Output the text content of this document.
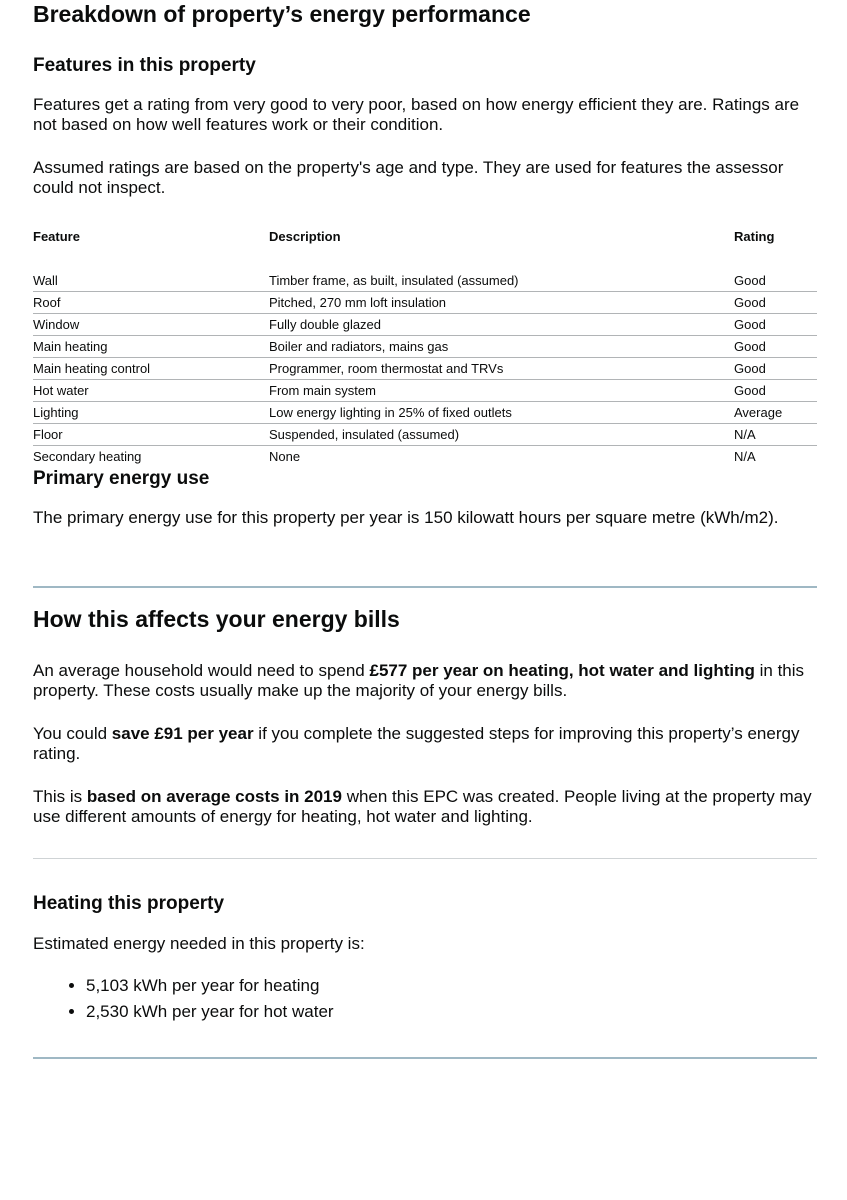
Breakdown of property’s energy performance
Features in this property

Features get a rating from very good to very poor, based on how energy efficient they are. Ratings are not based on how well features work or their condition.

Assumed ratings are based on the property's age and type. They are used for features the assessor could not inspect.

Feature	Description	Rating

Wall	Timber frame, as built, insulated (assumed)	Good
Roof	Pitched, 270 mm loft insulation	Good
Window	Fully double glazed	Good
Main heating	Boiler and radiators, mains gas	Good
Main heating control	Programmer, room thermostat and TRVs	Good
Hot water	From main system	Good
Lighting	Low energy lighting in 25% of fixed outlets	Average
Floor	Suspended, insulated (assumed)	N/A
Secondary heating	None	N/A
Primary energy use

The primary energy use for this property per year is 150 kilowatt hours per square metre (kWh/m2).

How this affects your energy bills

An average household would need to spend £577 per year on heating, hot water and lighting in this property. These costs usually make up the majority of your energy bills.

You could save £91 per year if you complete the suggested steps for improving this property’s energy rating.

This is based on average costs in 2019 when this EPC was created. People living at the property may use different amounts of energy for heating, hot water and lighting.

Heating this property

Estimated energy needed in this property is:

• 5,103 kWh per year for heating
• 2,530 kWh per year for hot water
